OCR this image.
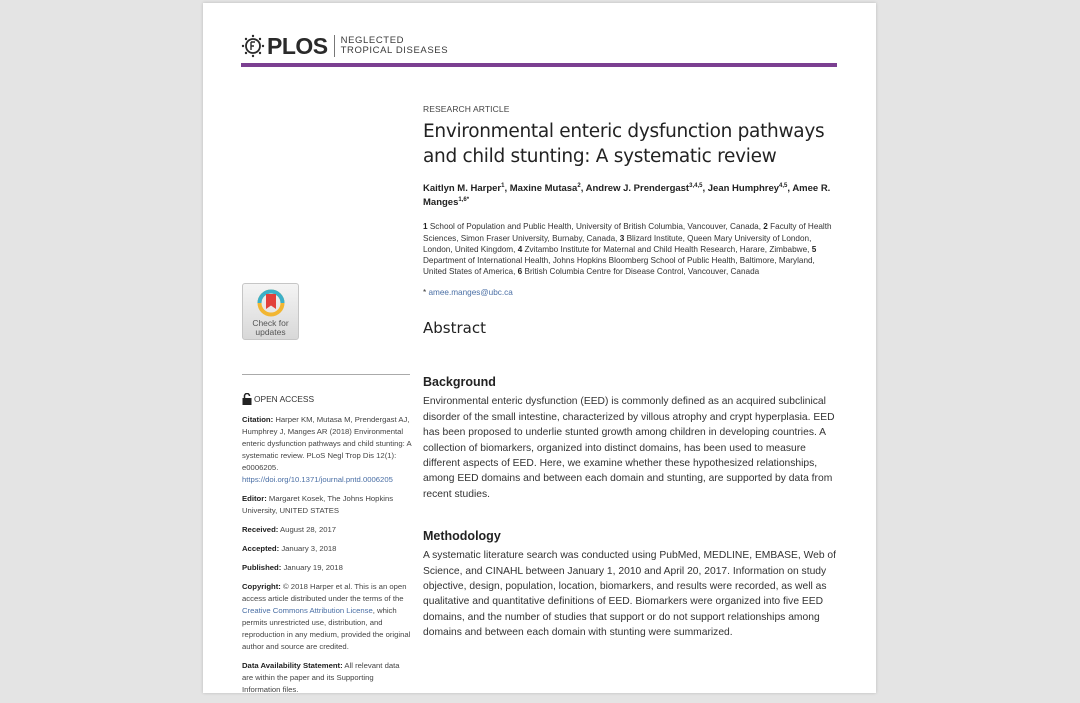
PLOS NEGLECTED
TROPICAL DISEASES
Check for
updates
OPEN ACCESS

Citation: Harper KM, Mutasa M, Prendergast AJ, Humphrey J, Manges AR (2018) Environmental enteric dysfunction pathways and child stunting: A systematic review. PLoS Negl Trop Dis 12(1): e0006205. https://doi.org/10.1371/journal.pntd.0006205

Editor: Margaret Kosek, The Johns Hopkins University, UNITED STATES

Received: August 28, 2017

Accepted: January 3, 2018

Published: January 19, 2018

Copyright: © 2018 Harper et al. This is an open access article distributed under the terms of the Creative Commons Attribution License, which permits unrestricted use, distribution, and reproduction in any medium, provided the original author and source are credited.

Data Availability Statement: All relevant data are within the paper and its Supporting Information files.

RESEARCH ARTICLE
Environmental enteric dysfunction pathways and child stunting: A systematic review
Kaitlyn M. Harper$^1$, Maxine Mutasa$^2$, Andrew J. Prendergast$^{3,4,5}$, Jean Humphrey$^{4,5}$, Amee R. Manges$^{1,6*}$
1 School of Population and Public Health, University of British Columbia, Vancouver, Canada, 2 Faculty of Health Sciences, Simon Fraser University, Burnaby, Canada, 3 Blizard Institute, Queen Mary University of London, London, United Kingdom, 4 Zvitambo Institute for Maternal and Child Health Research, Harare, Zimbabwe, 5 Department of International Health, Johns Hopkins Bloomberg School of Public Health, Baltimore, Maryland, United States of America, 6 British Columbia Centre for Disease Control, Vancouver, Canada
* amee.manges@ubc.ca
Abstract
Background

Environmental enteric dysfunction (EED) is commonly defined as an acquired subclinical disorder of the small intestine, characterized by villous atrophy and crypt hyperplasia. EED has been proposed to underlie stunted growth among children in developing countries. A collection of biomarkers, organized into distinct domains, has been used to measure different aspects of EED. Here, we examine whether these hypothesized relationships, among EED domains and between each domain and stunting, are supported by data from recent studies.

Methodology

A systematic literature search was conducted using PubMed, MEDLINE, EMBASE, Web of Science, and CINAHL between January 1, 2010 and April 20, 2017. Information on study objective, design, population, location, biomarkers, and results were recorded, as well as qualitative and quantitative definitions of EED. Biomarkers were organized into five EED domains, and the number of studies that support or do not support relationships among domains and between each domain with stunting were summarized.
